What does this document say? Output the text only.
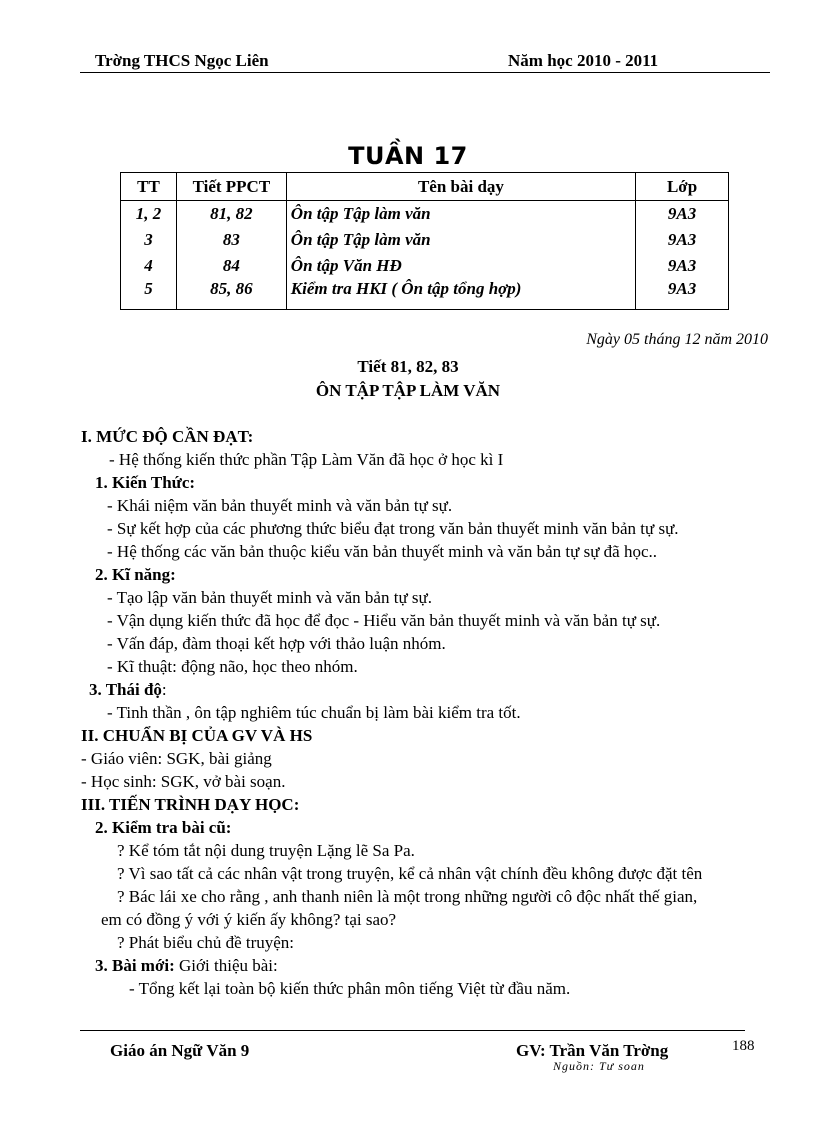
Trờng THCS Ngọc Liên	Năm học 2010 - 2011
TUẦN 17
TT	Tiết PPCT	Tên bài dạy	Lớp
1, 2	81, 82	Ôn tập Tập làm văn	9A3
3	83	Ôn tập Tập làm văn	9A3
4	84	Ôn tập Văn HĐ	9A3
5	85, 86	Kiểm tra HKI ( Ôn tập tổng hợp)	9A3
Ngày 05 tháng 12 năm 2010
Tiết 81, 82, 83
ÔN TẬP TẬP LÀM VĂN
I. MỨC ĐỘ CẦN ĐẠT:
- Hệ thống kiến thức phần Tập Làm Văn đã học ở học kì I
1. Kiến Thức:
- Khái niệm văn bản thuyết minh và văn bản tự sự.
- Sự kết hợp của các phương thức biểu đạt trong văn bản thuyết minh văn bản tự sự.
- Hệ thống các văn bản thuộc kiểu văn bản thuyết minh và văn bản tự sự đã học..
2. Kĩ năng:
- Tạo lập văn bản thuyết minh và văn bản tự sự.
- Vận dụng kiến thức đã học để đọc - Hiểu văn bản thuyết minh và văn bản tự sự.
- Vấn đáp, đàm thoại kết hợp với thảo luận nhóm.
- Kĩ thuật: động não, học theo nhóm.
3. Thái độ:
- Tinh thần , ôn tập nghiêm túc chuẩn bị làm bài kiểm tra tốt.
II. CHUẨN BỊ CỦA GV VÀ HS
- Giáo viên: SGK, bài giảng
- Học sinh: SGK, vở bài soạn.
III. TIẾN TRÌNH DẠY HỌC:
2. Kiểm tra bài cũ:
? Kể tóm tắt nội dung truyện Lặng lẽ Sa Pa.
? Vì sao tất cả các nhân vật trong truyện, kể cả nhân vật chính đều không được đặt tên
? Bác lái xe cho rằng , anh thanh niên là một trong những người cô độc nhất thế gian,
em có đồng ý với ý kiến ấy không? tại sao?
? Phát biểu chủ đề truyện:
3. Bài mới: Giới thiệu bài:
- Tổng kết lại toàn bộ kiến thức phân môn tiếng Việt từ đầu năm.
Giáo án Ngữ Văn 9	GV: Trần Văn Trờng	188
Nguồn: Tư soan
